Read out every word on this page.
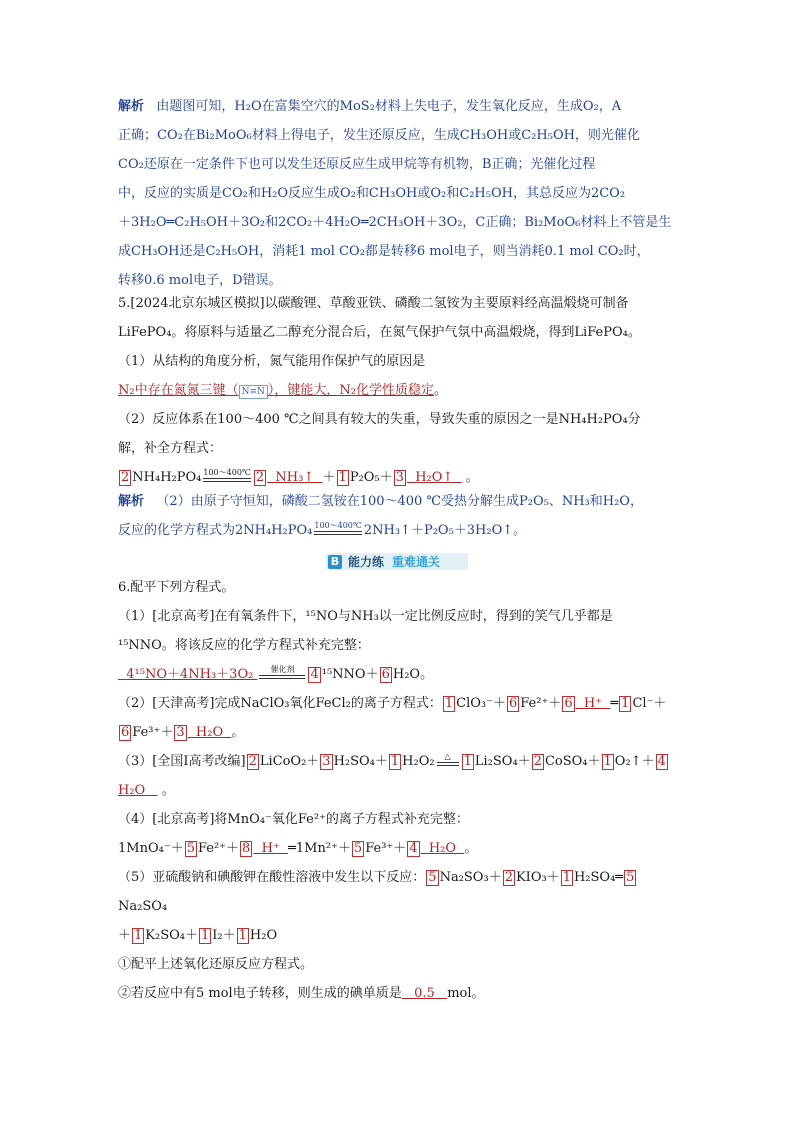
解析 由题图可知，H₂O在富集空穴的MoS₂材料上失电子，发生氧化反应，生成O₂，A
正确；CO₂在Bi₂MoO₆材料上得电子，发生还原反应，生成CH₃OH或C₂H₅OH，则光催化
CO₂还原在一定条件下也可以发生还原反应生成甲烷等有机物，B正确；光催化过程
中，反应的实质是CO₂和H₂O反应生成O₂和CH₃OH或O₂和C₂H₅OH，其总反应为2CO₂
＋3H₂O═C₂H₅OH＋3O₂和2CO₂＋4H₂O═2CH₃OH＋3O₂，C正确；Bi₂MoO₆材料上不管是生
成CH₃OH还是C₂H₅OH，消耗1 mol CO₂都是转移6 mol电子，则当消耗0.1 mol CO₂时，
转移0.6 mol电子，D错误。
5.[2024北京东城区模拟]以碳酸锂、草酸亚铁、磷酸二氢铵为主要原料经高温煅烧可制备
LiFePO₄。将原料与适量乙二醇充分混合后，在氮气保护气氛中高温煅烧，得到LiFePO₄。
（1）从结构的角度分析，氮气能用作保护气的原因是
N₂中存在氮氮三键（ N≡N ），键能大，N₂化学性质稳定。
（2）反应体系在100～400 ℃之间具有较大的失重，导致失重的原因之一是NH₄H₂PO₄分
解，补全方程式：
2 NH₄H₂PO₄ 100～400℃ 2 NH₃↑ ＋ 1 P₂O₅＋ 3 H₂O↑ 。
解析 （2）由原子守恒知，磷酸二氢铵在100～400 ℃受热分解生成P₂O₅、NH₃和H₂O，
反应的化学方程式为2NH₄H₂PO₄ 100～400℃ 2NH₃↑＋P₂O₅＋3H₂O↑。
B 能力练 重难通关
6.配平下列方程式。
（1）[北京高考]在有氧条件下，¹⁵NO与NH₃以一定比例反应时，得到的笑气几乎都是
¹⁵NNO。将该反应的化学方程式补充完整：
4¹⁵NO＋4NH₃＋3O₂ 催化剂 4 ¹⁵NNO＋ 6 H₂O。
（2）[天津高考]完成NaClO₃氧化FeCl₂的离子方程式： 1 ClO₃⁻＋ 6 Fe²⁺＋ 6 H⁺ ═ 1 Cl⁻＋
6 Fe³⁺＋ 3 H₂O 。
（3）[全国Ⅰ高考改编] 2 LiCoO₂＋ 3 H₂SO₄＋ 1 H₂O₂ △ 1 Li₂SO₄＋ 2 CoSO₄＋ 1 O₂↑＋ 4
H₂O 。
（4）[北京高考]将MnO₄⁻氧化Fe²⁺的离子方程式补充完整：
1MnO₄⁻＋ 5 Fe²⁺＋ 8 H⁺ ═1Mn²⁺＋ 5 Fe³⁺＋ 4 H₂O 。
（5）亚硫酸钠和碘酸钾在酸性溶液中发生以下反应： 5 Na₂SO₃＋ 2 KIO₃＋ 1 H₂SO₄═ 5Na₂SO₄
＋ 1 K₂SO₄＋ 1 I₂＋ 1 H₂O
①配平上述氧化还原反应方程式。
②若反应中有5 mol电子转移，则生成的碘单质是 0.5 mol。
